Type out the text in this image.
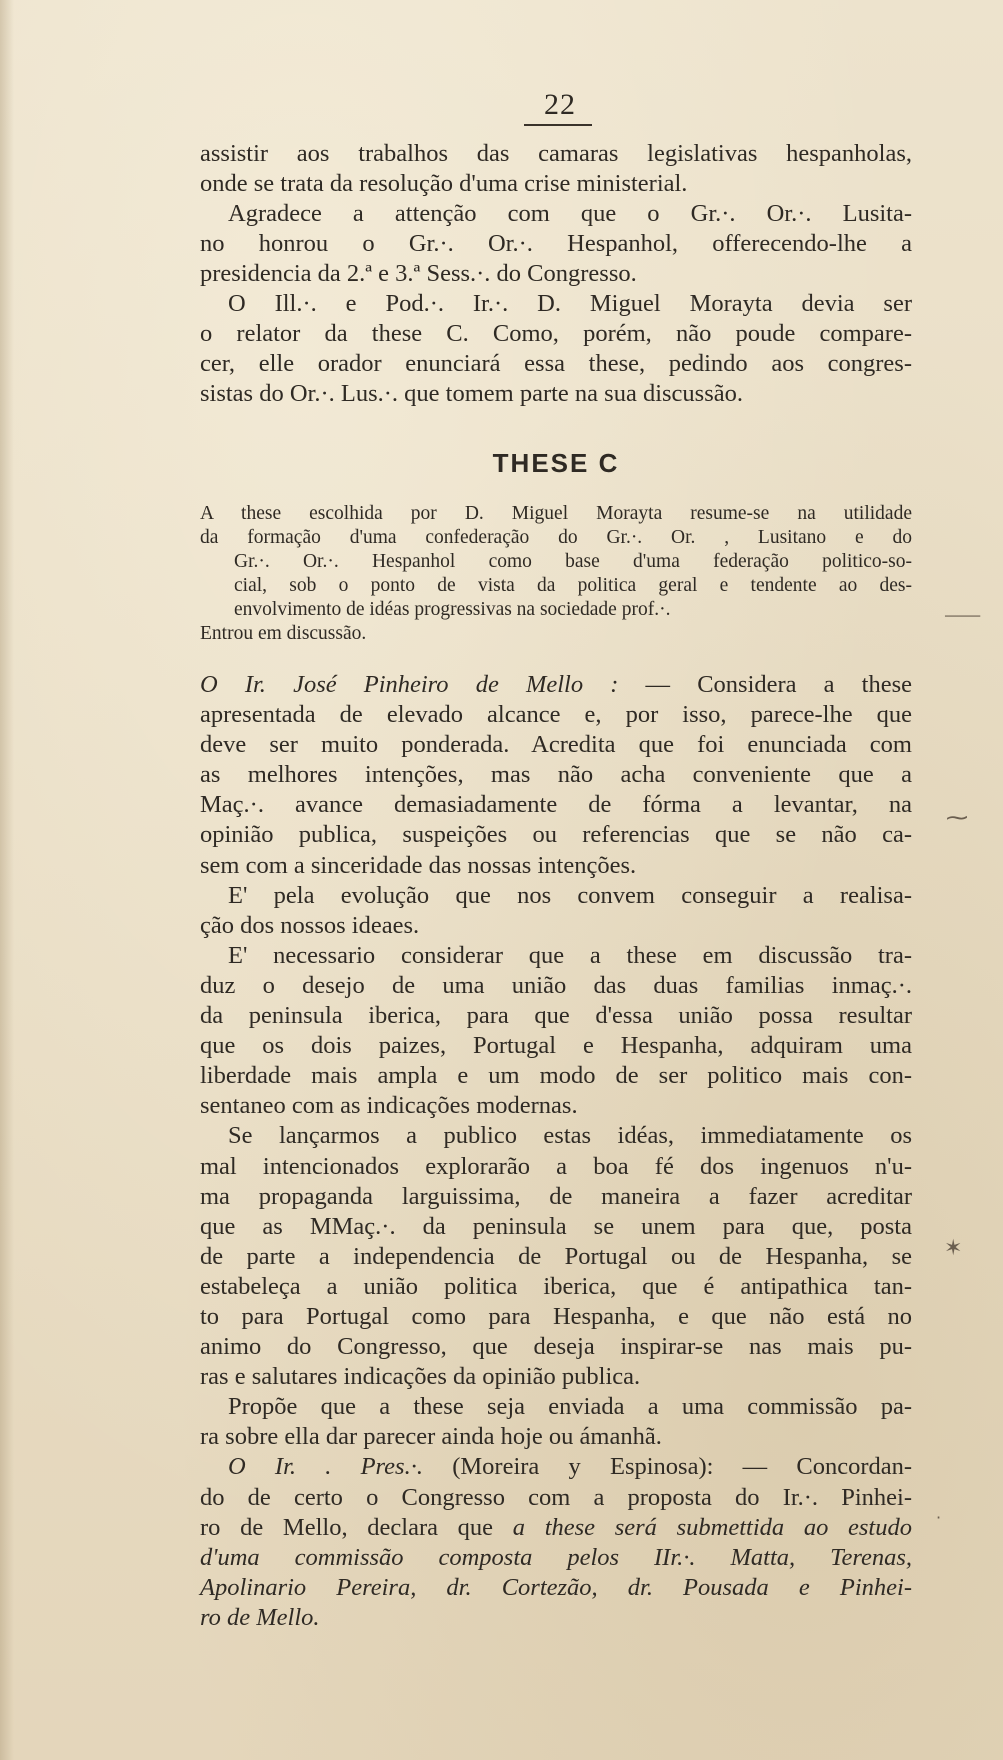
22
assistir aos trabalhos das camaras legislativas hespanholas,
onde se trata da resolução d'uma crise ministerial.
Agradece a attenção com que o Gr.·. Or.·. Lusita-
no honrou o Gr.·. Or.·. Hespanhol, offerecendo-lhe a
presidencia da 2.ª e 3.ª Sess.·. do Congresso.
O Ill.·. e Pod.·. Ir.·. D. Miguel Morayta devia ser
o relator da these C. Como, porém, não poude compare-
cer, elle orador enunciará essa these, pedindo aos congres-
sistas do Or.·. Lus.·. que tomem parte na sua discussão.
THESE C
A these escolhida por D. Miguel Morayta resume-se na utilidade
da formação d'uma confederação do Gr.·. Or. , Lusitano e do
Gr.·. Or.·. Hespanhol como base d'uma federação politico-so-
cial, sob o ponto de vista da politica geral e tendente ao des-
envolvimento de idéas progressivas na sociedade prof.·.
Entrou em discussão.
O Ir. José Pinheiro de Mello : — Considera a these
apresentada de elevado alcance e, por isso, parece-lhe que
deve ser muito ponderada. Acredita que foi enunciada com
as melhores intenções, mas não acha conveniente que a
Maç.·. avance demasiadamente de fórma a levantar, na
opinião publica, suspeições ou referencias que se não ca-
sem com a sinceridade das nossas intenções.
E' pela evolução que nos convem conseguir a realisa-
ção dos nossos ideaes.
E' necessario considerar que a these em discussão tra-
duz o desejo de uma união das duas familias inmaç.·.
da peninsula iberica, para que d'essa união possa resultar
que os dois paizes, Portugal e Hespanha, adquiram uma
liberdade mais ampla e um modo de ser politico mais con-
sentaneo com as indicações modernas.
Se lançarmos a publico estas idéas, immediatamente os
mal intencionados explorarão a boa fé dos ingenuos n'u-
ma propaganda larguissima, de maneira a fazer acreditar
que as MMaç.·. da peninsula se unem para que, posta
de parte a independencia de Portugal ou de Hespanha, se
estabeleça a união politica iberica, que é antipathica tan-
to para Portugal como para Hespanha, e que não está no
animo do Congresso, que deseja inspirar-se nas mais pu-
ras e salutares indicações da opinião publica.
Propõe que a these seja enviada a uma commissão pa-
ra sobre ella dar parecer ainda hoje ou ámanhã.
O Ir. . Pres.·. (Moreira y Espinosa): — Concordan-
do de certo o Congresso com a proposta do Ir.·. Pinhei-
ro de Mello, declara que a these será submettida ao estudo
d'uma commissão composta pelos IIr.·. Matta, Terenas,
Apolinario Pereira, dr. Cortezão, dr. Pousada e Pinhei-
ro de Mello.
⸺
⁓
✶
·
